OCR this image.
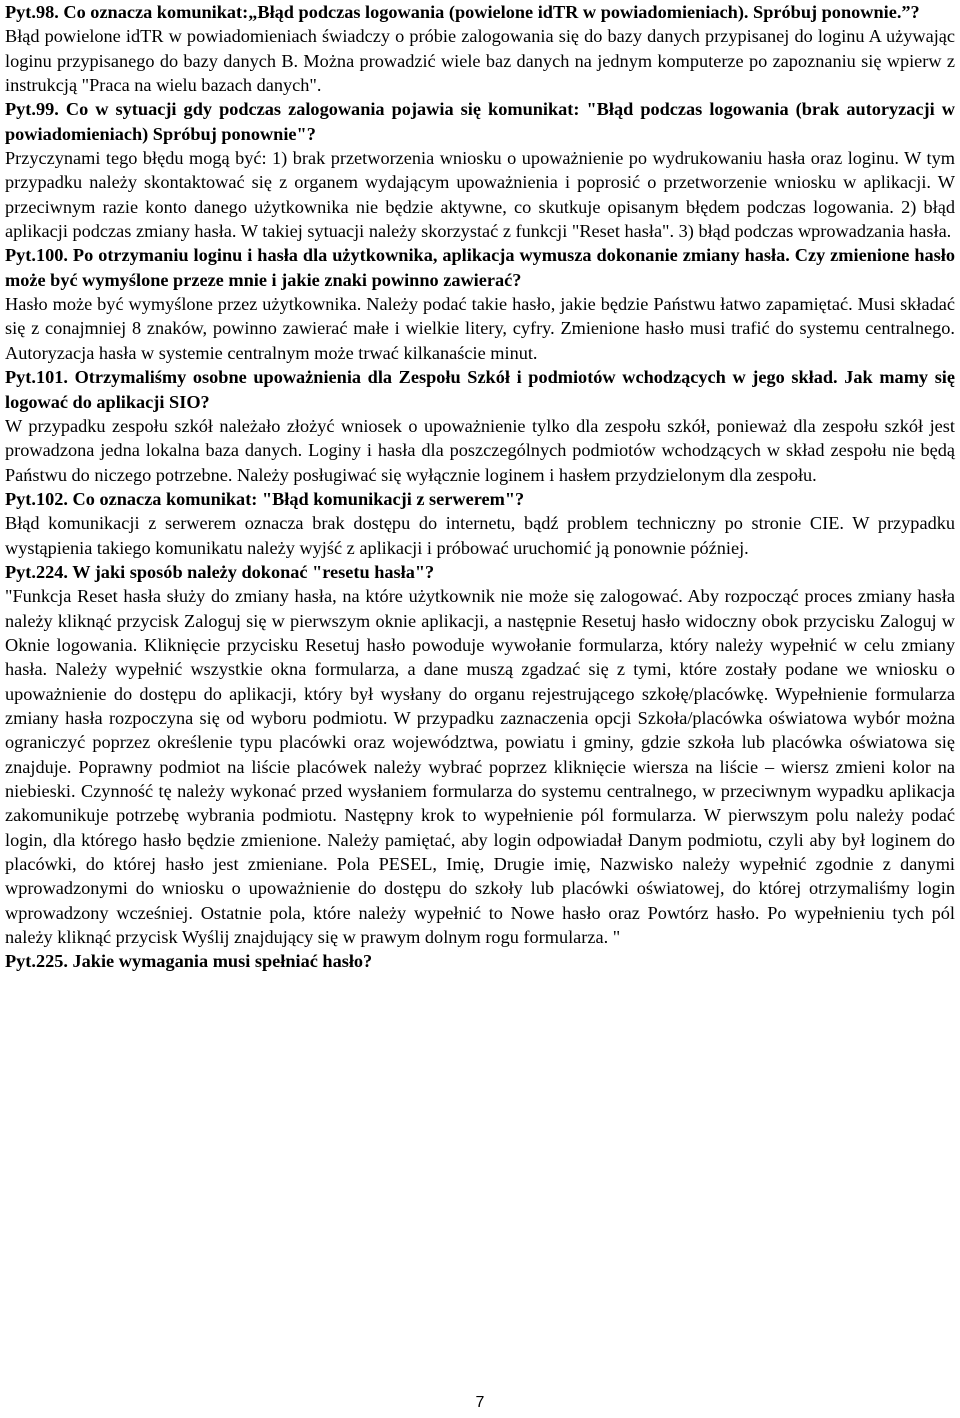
Pyt.98. Co oznacza komunikat:„Błąd podczas logowania (powielone idTR w powiadomieniach). Spróbuj ponownie.”?

Błąd powielone idTR w powiadomieniach świadczy o próbie zalogowania się do bazy danych przypisanej do loginu A używając loginu przypisanego do bazy danych B. Można prowadzić wiele baz danych na jednym komputerze po zapoznaniu się wpierw z instrukcją "Praca na wielu bazach danych".

Pyt.99. Co w sytuacji gdy podczas zalogowania pojawia się komunikat: "Błąd podczas logowania (brak autoryzacji w powiadomieniach) Spróbuj ponownie"?

Przyczynami tego błędu mogą być: 1) brak przetworzenia wniosku o upoważnienie po wydrukowaniu hasła oraz loginu. W tym przypadku należy skontaktować się z organem wydającym upoważnienia i poprosić o przetworzenie wniosku w aplikacji. W przeciwnym razie konto danego użytkownika nie będzie aktywne, co skutkuje opisanym błędem podczas logowania. 2) błąd aplikacji podczas zmiany hasła. W takiej sytuacji należy skorzystać z funkcji "Reset hasła". 3) błąd podczas wprowadzania hasła.

Pyt.100. Po otrzymaniu loginu i hasła dla użytkownika, aplikacja wymusza dokonanie zmiany hasła. Czy zmienione hasło może być wymyślone przeze mnie i jakie znaki powinno zawierać?

Hasło może być wymyślone przez użytkownika. Należy podać takie hasło, jakie będzie Państwu łatwo zapamiętać. Musi składać się z conajmniej 8 znaków, powinno zawierać małe i wielkie litery, cyfry. Zmienione hasło musi trafić do systemu centralnego. Autoryzacja hasła w systemie centralnym może trwać kilkanaście minut.

Pyt.101. Otrzymaliśmy osobne upoważnienia dla Zespołu Szkół i podmiotów wchodzących w jego skład. Jak mamy się logować do aplikacji SIO?

W przypadku zespołu szkół należało złożyć wniosek o upoważnienie tylko dla zespołu szkół, ponieważ dla zespołu szkół jest prowadzona jedna lokalna baza danych. Loginy i hasła dla poszczególnych podmiotów wchodzących w skład zespołu nie będą Państwu do niczego potrzebne. Należy posługiwać się wyłącznie loginem i hasłem przydzielonym dla zespołu.

Pyt.102. Co oznacza komunikat: "Błąd komunikacji z serwerem"?

Błąd komunikacji z serwerem oznacza brak dostępu do internetu, bądź problem techniczny po stronie CIE. W przypadku wystąpienia takiego komunikatu należy wyjść z aplikacji i próbować uruchomić ją ponownie później.

Pyt.224. W jaki sposób należy dokonać "resetu hasła"?

"Funkcja Reset hasła służy do zmiany hasła, na które użytkownik nie może się zalogować. Aby rozpocząć proces zmiany hasła należy kliknąć przycisk Zaloguj się w pierwszym oknie aplikacji, a następnie Resetuj hasło widoczny obok przycisku Zaloguj w Oknie logowania. Kliknięcie przycisku Resetuj hasło powoduje wywołanie formularza, który należy wypełnić w celu zmiany hasła. Należy wypełnić wszystkie okna formularza, a dane muszą zgadzać się z tymi, które zostały podane we wniosku o upoważnienie do dostępu do aplikacji, który był wysłany do organu rejestrującego szkołę/placówkę. Wypełnienie formularza zmiany hasła rozpoczyna się od wyboru podmiotu. W przypadku zaznaczenia opcji Szkoła/placówka oświatowa wybór można ograniczyć poprzez określenie typu placówki oraz województwa, powiatu i gminy, gdzie szkoła lub placówka oświatowa się znajduje. Poprawny podmiot na liście placówek należy wybrać poprzez kliknięcie wiersza na liście – wiersz zmieni kolor na niebieski. Czynność tę należy wykonać przed wysłaniem formularza do systemu centralnego, w przeciwnym wypadku aplikacja zakomunikuje potrzebę wybrania podmiotu. Następny krok to wypełnienie pól formularza. W pierwszym polu należy podać login, dla którego hasło będzie zmienione. Należy pamiętać, aby login odpowiadał Danym podmiotu, czyli aby był loginem do placówki, do której hasło jest zmieniane. Pola PESEL, Imię, Drugie imię, Nazwisko należy wypełnić zgodnie z danymi wprowadzonymi do wniosku o upoważnienie do dostępu do szkoły lub placówki oświatowej, do której otrzymaliśmy login wprowadzony wcześniej. Ostatnie pola, które należy wypełnić to Nowe hasło oraz Powtórz hasło. Po wypełnieniu tych pól należy kliknąć przycisk Wyślij znajdujący się w prawym dolnym rogu formularza. "

Pyt.225. Jakie wymagania musi spełniać hasło?

7
